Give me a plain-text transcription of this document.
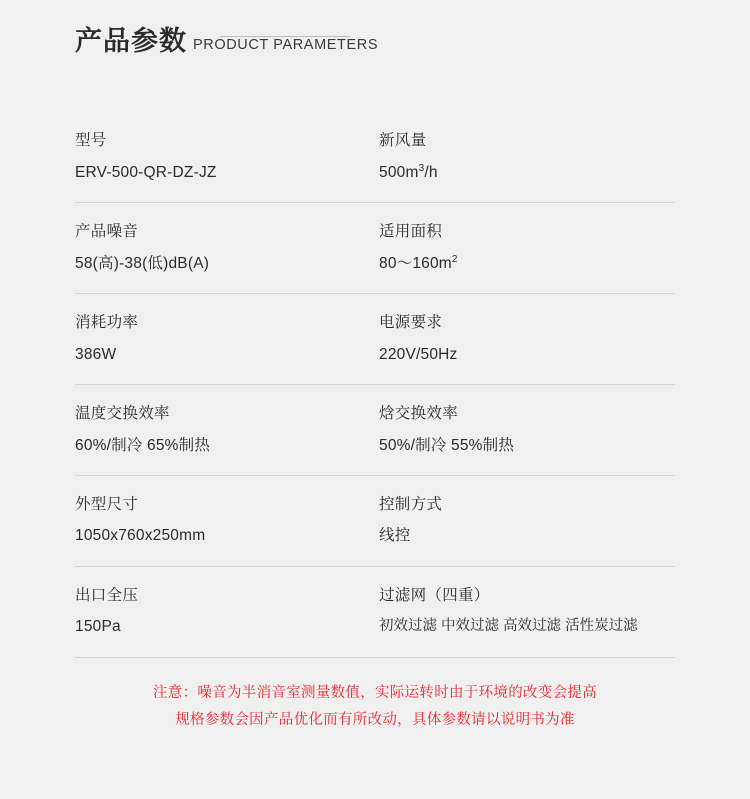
产品参数 PRODUCT PARAMETERS
型号
ERV-500-QR-DZ-JZ
新风量
$500m^3/h$
产品噪音
58(高)-38(低)dB(A)
适用面积
$80\sim 160m^2$
消耗功率
386W
电源要求
220V/50Hz
温度交换效率
60%/制冷 65%制热
焓交换效率
50%/制冷 55%制热
外型尺寸
1050x760x250mm
控制方式
线控
出口全压
150Pa
过滤网（四重）
初效过滤 中效过滤 高效过滤 活性炭过滤
注意：噪音为半消音室测量数值，实际运转时由于环境的改变会提高
规格参数会因产品优化而有所改动，具体参数请以说明书为准
